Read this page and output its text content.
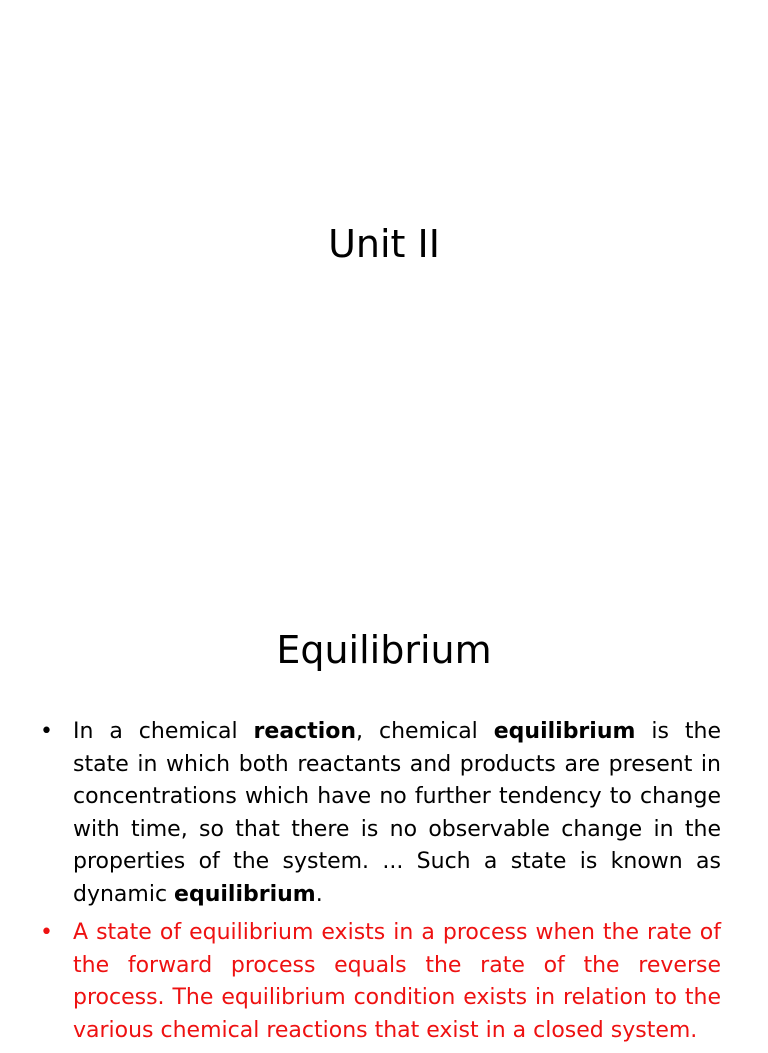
Unit II
Equilibrium
• In a chemical reaction, chemical equilibrium is the state in which both reactants and products are present in concentrations which have no further tendency to change with time, so that there is no observable change in the properties of the system. ... Such a state is known as dynamic equilibrium.
• A state of equilibrium exists in a process when the rate of the forward process equals the rate of the reverse process. The equilibrium condition exists in relation to the various chemical reactions that exist in a closed system.
